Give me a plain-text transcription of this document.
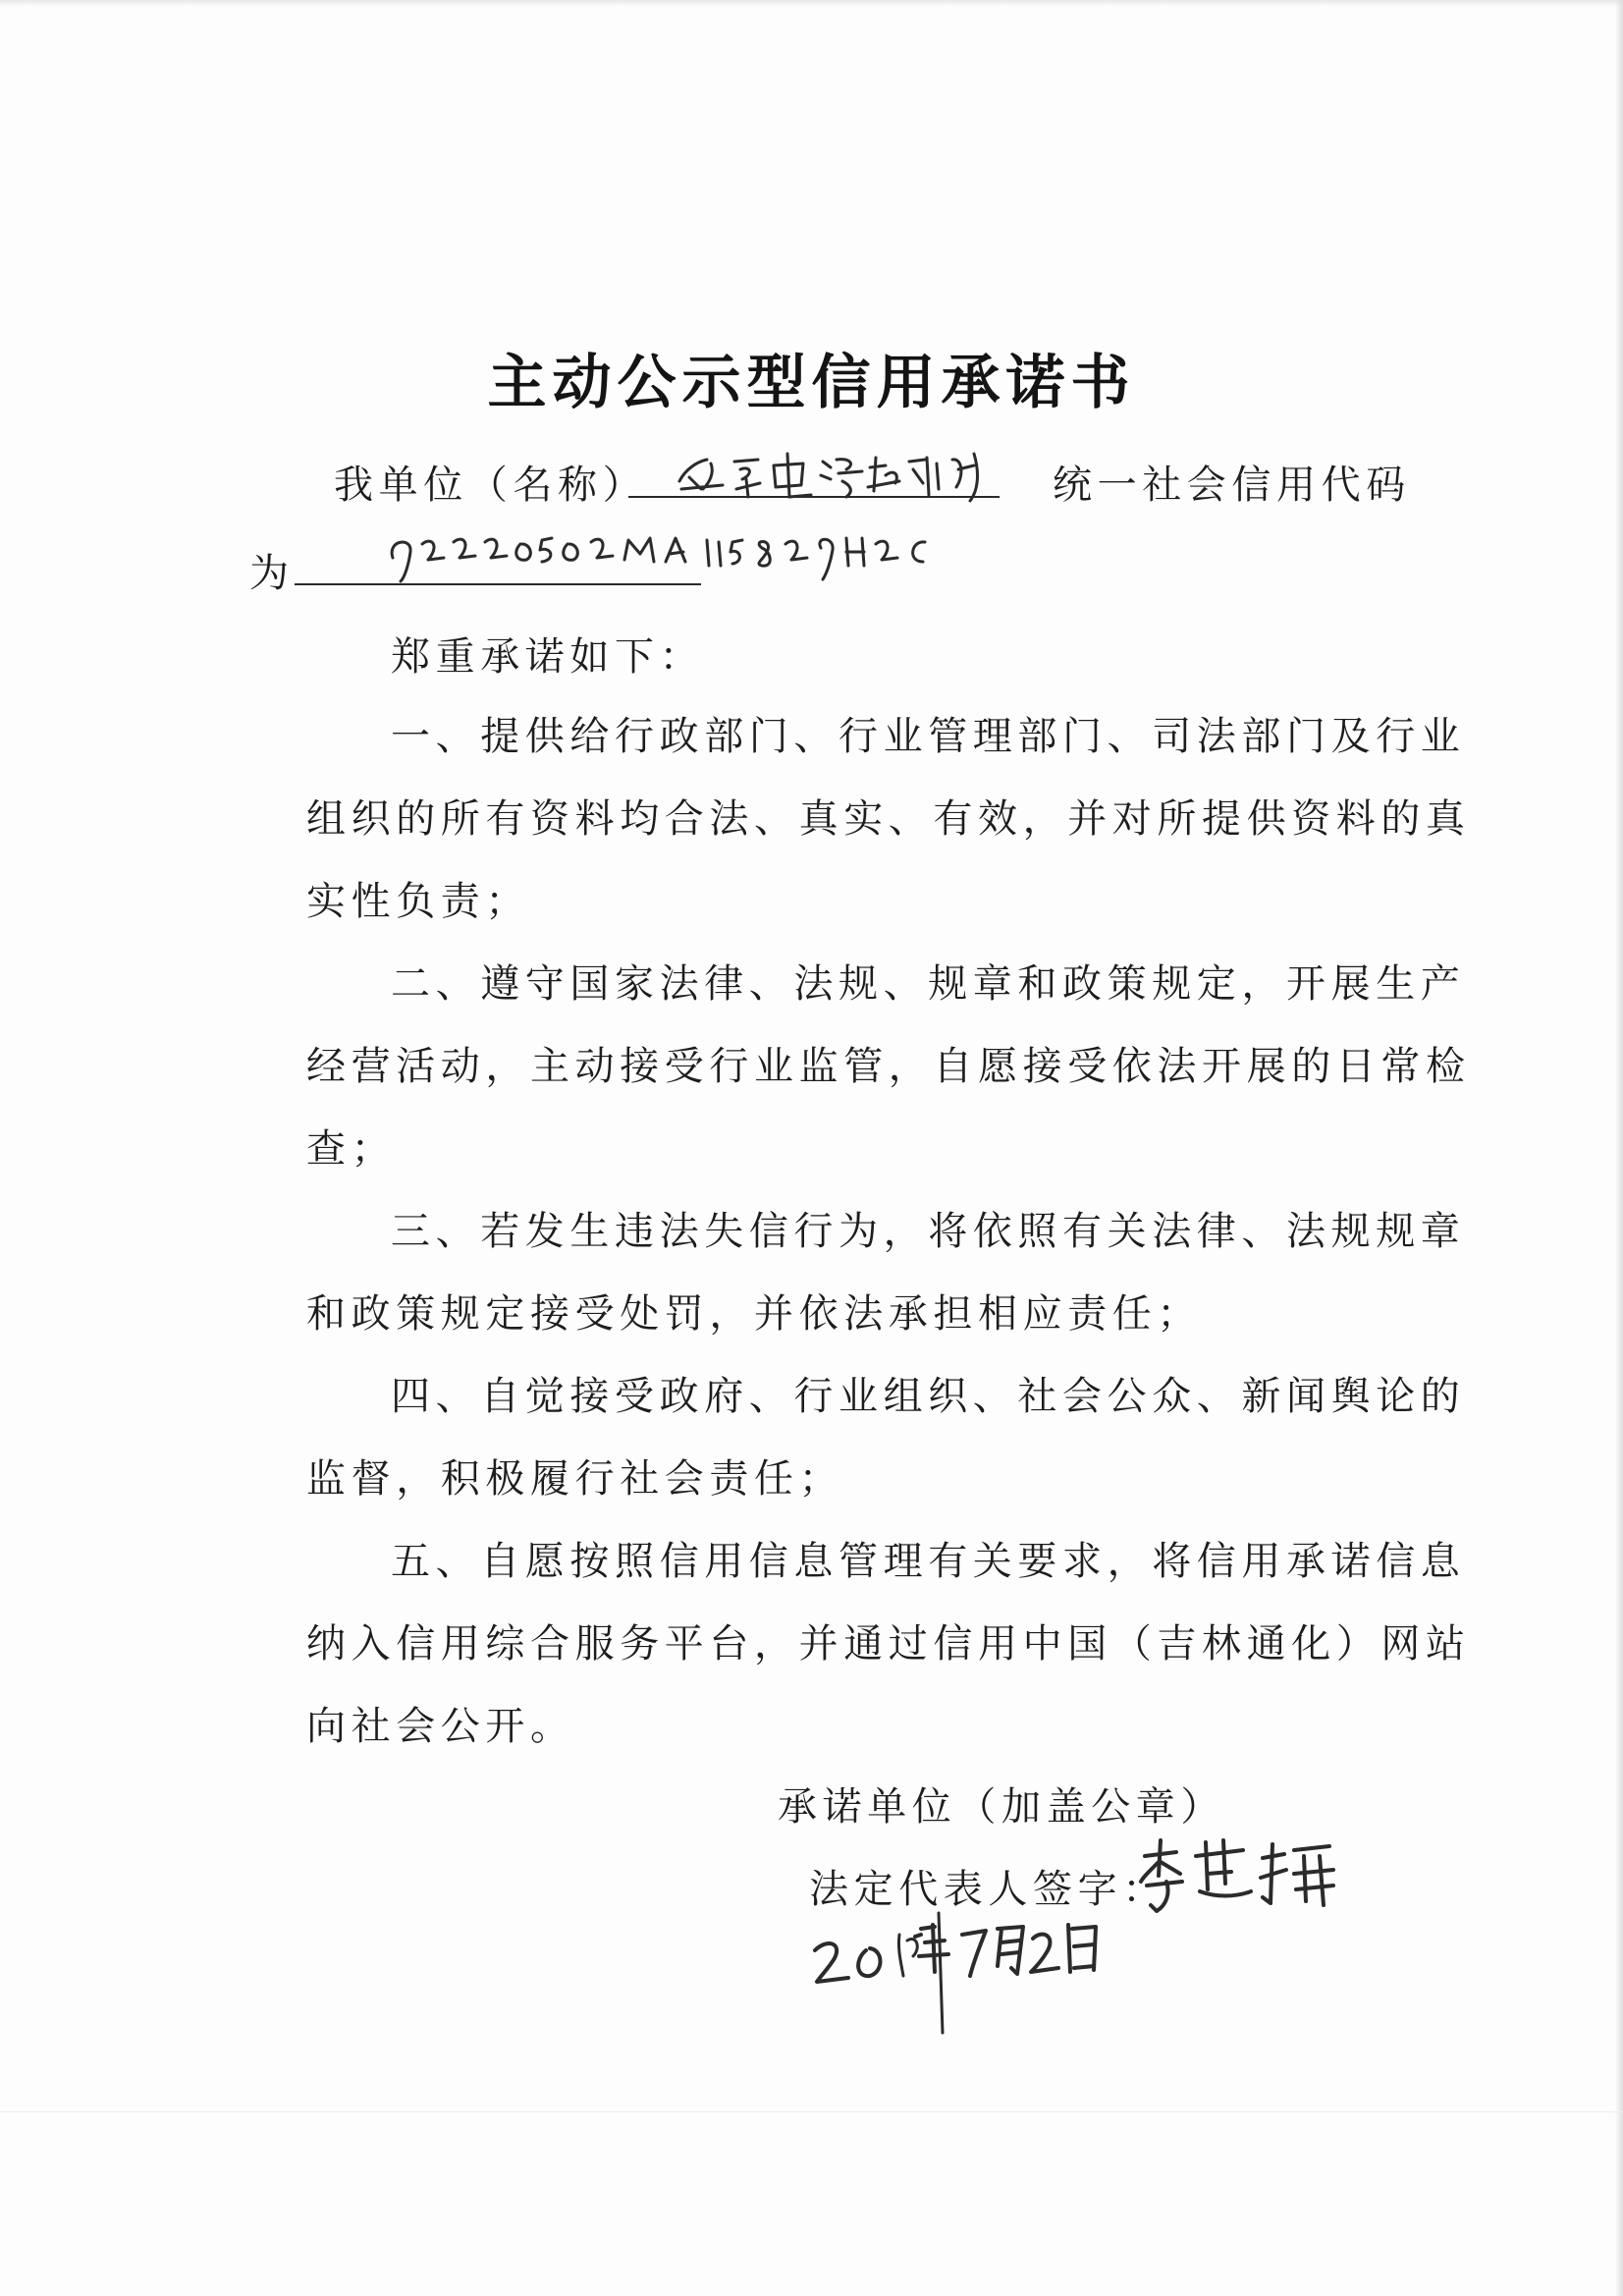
主动公示型信用承诺书
我单位（名称）	统一社会信用代码
为
郑重承诺如下：
一、提供给行政部门、行业管理部门、司法部门及行业
组织的所有资料均合法、真实、有效，并对所提供资料的真
实性负责；
二、遵守国家法律、法规、规章和政策规定，开展生产
经营活动，主动接受行业监管，自愿接受依法开展的日常检
查；
三、若发生违法失信行为，将依照有关法律、法规规章
和政策规定接受处罚，并依法承担相应责任；
四、自觉接受政府、行业组织、社会公众、新闻舆论的
监督，积极履行社会责任；
五、自愿按照信用信息管理有关要求，将信用承诺信息
纳入信用综合服务平台，并通过信用中国（吉林通化）网站
向社会公开。
承诺单位（加盖公章）
法定代表人签字：
